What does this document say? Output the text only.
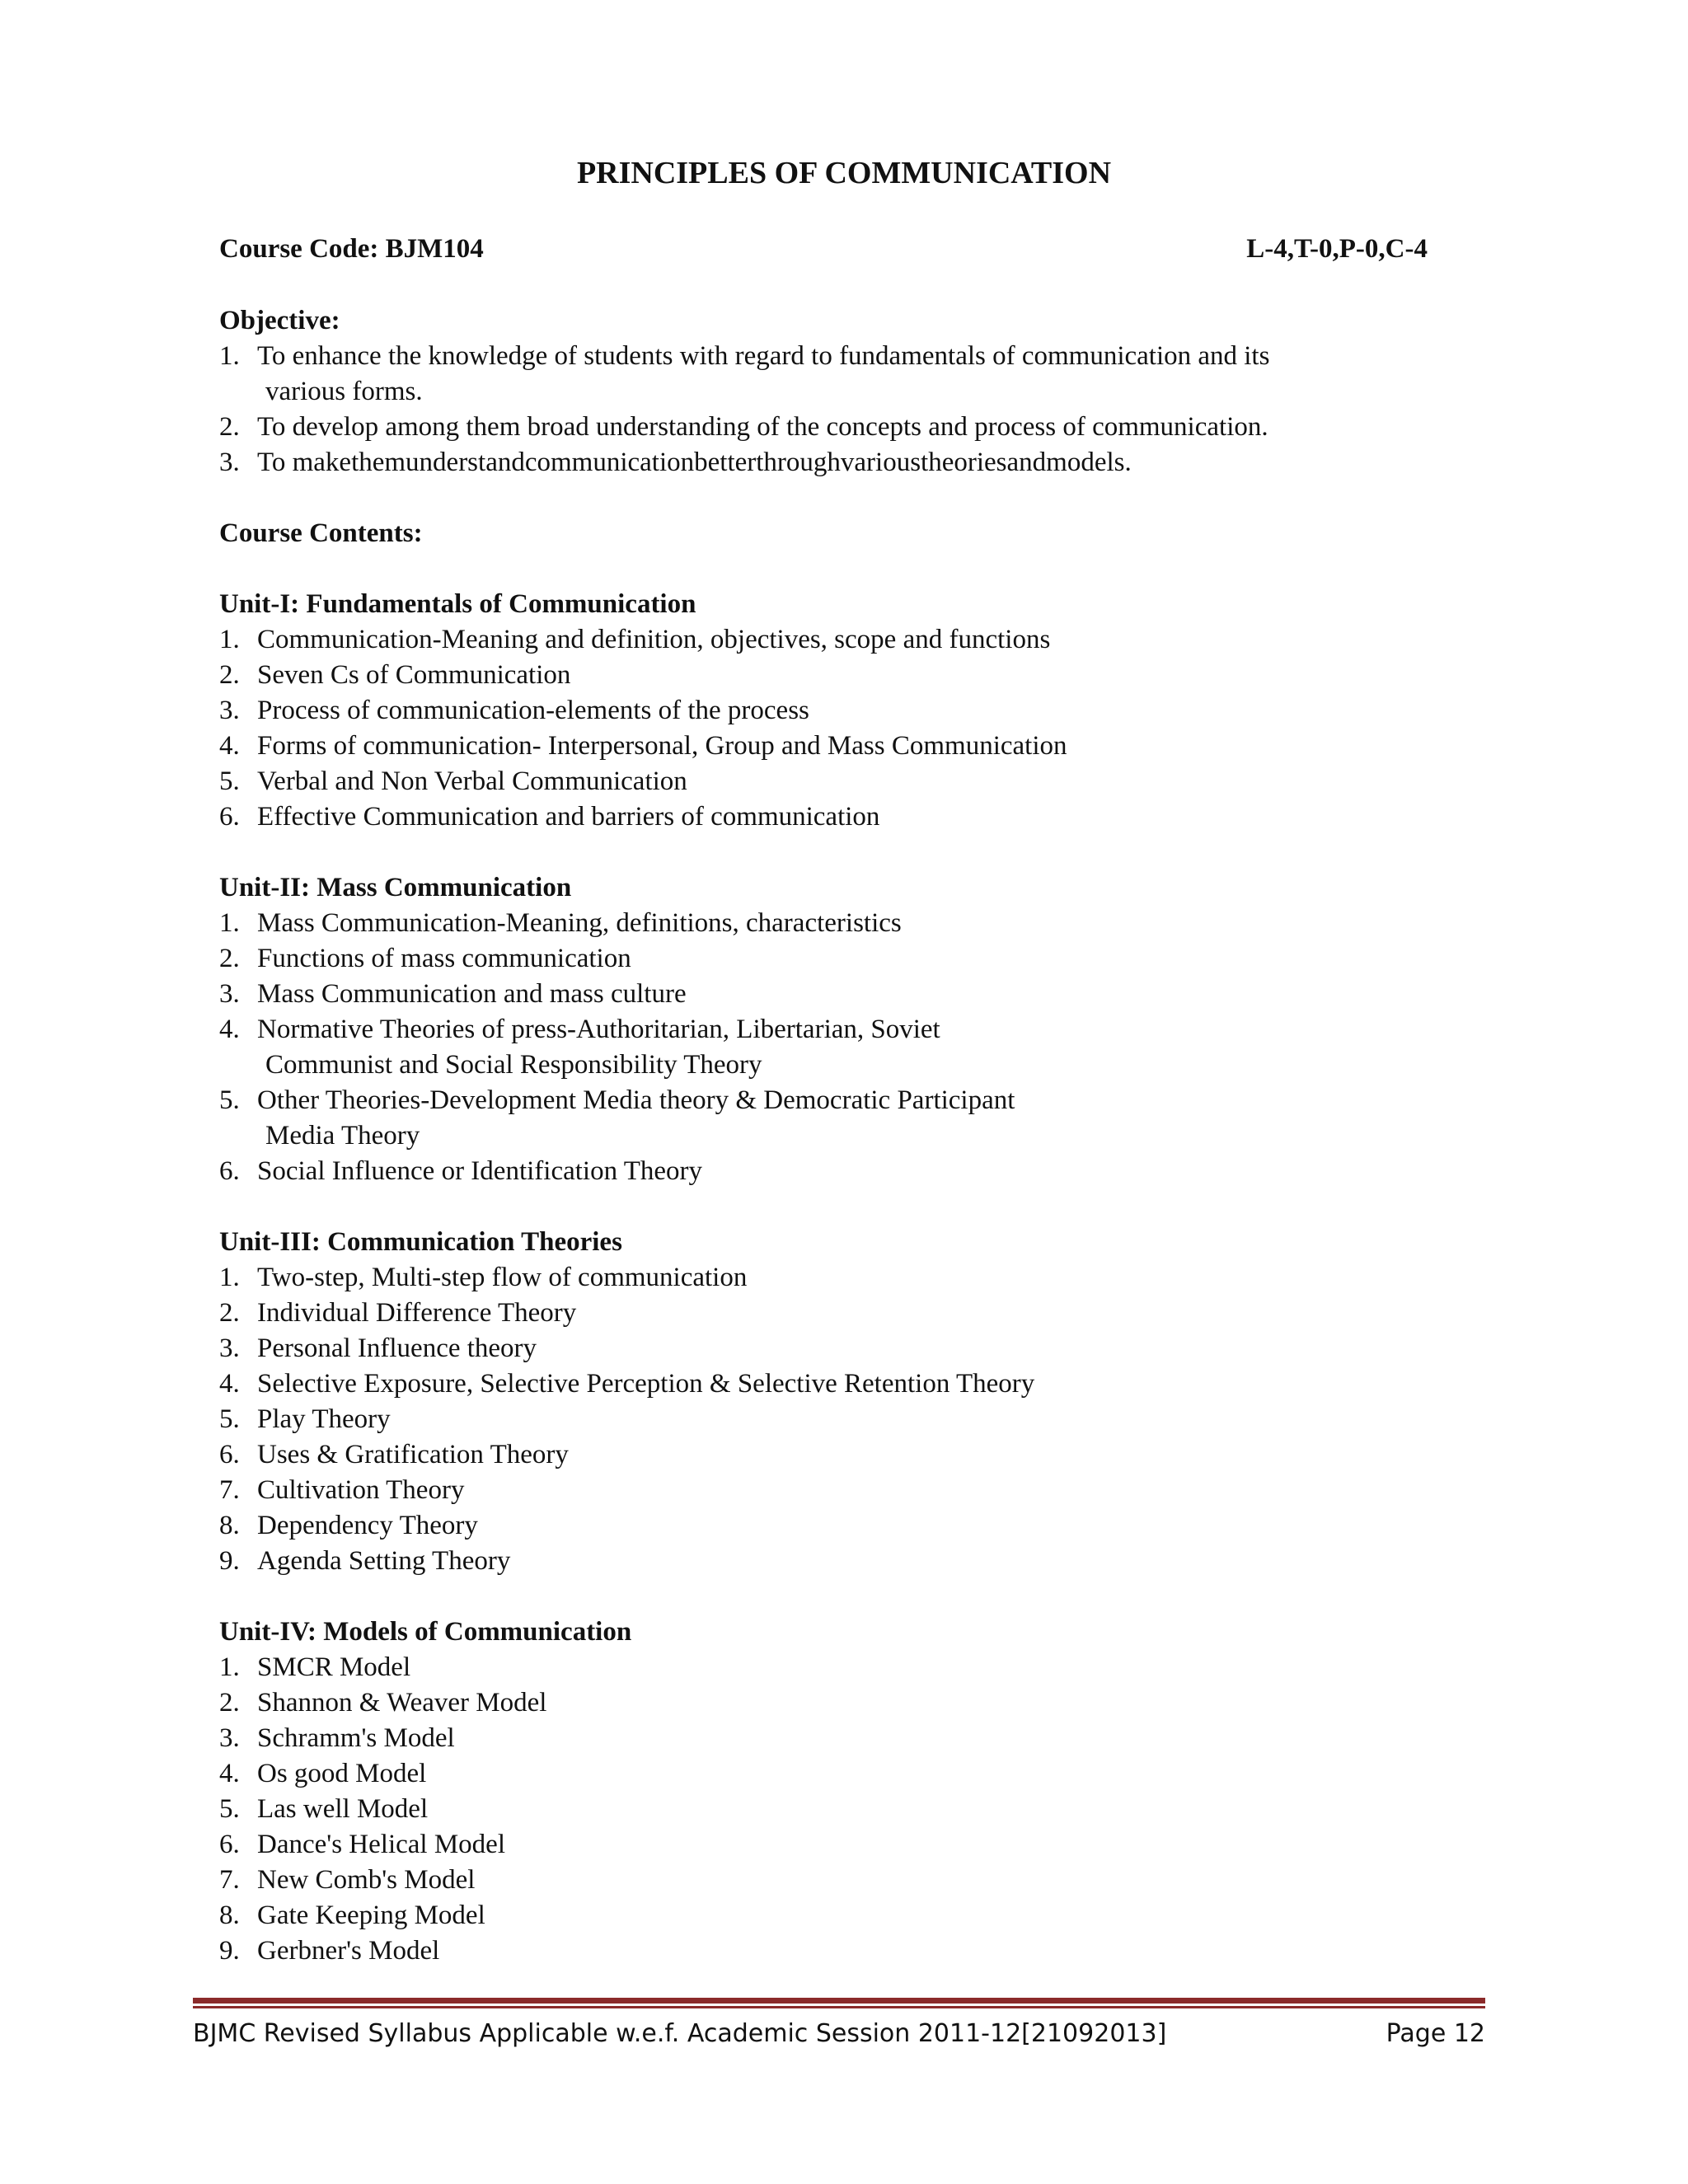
PRINCIPLES OF COMMUNICATION
Course Code: BJM104	L-4,T-0,P-0,C-4

Objective:

1. To enhance the knowledge of students with regard to fundamentals of communication and its
various forms.
2. To develop among them broad understanding of the concepts and process of communication.
3. To makethemunderstandcommunicationbetterthroughvarioustheoriesandmodels.

Course Contents:

Unit-I: Fundamentals of Communication

1. Communication-Meaning and definition, objectives, scope and functions
2. Seven Cs of Communication
3. Process of communication-elements of the process
4. Forms of communication- Interpersonal, Group and Mass Communication
5. Verbal and Non Verbal Communication
6. Effective Communication and barriers of communication

Unit-II: Mass Communication

1. Mass Communication-Meaning, definitions, characteristics
2. Functions of mass communication
3. Mass Communication and mass culture
4. Normative Theories of press-Authoritarian, Libertarian, Soviet
Communist and Social Responsibility Theory
5. Other Theories-Development Media theory & Democratic Participant
Media Theory
6. Social Influence or Identification Theory

Unit-III: Communication Theories

1. Two-step, Multi-step flow of communication
2. Individual Difference Theory
3. Personal Influence theory
4. Selective Exposure, Selective Perception & Selective Retention Theory
5. Play Theory
6. Uses & Gratification Theory
7. Cultivation Theory
8. Dependency Theory
9. Agenda Setting Theory

Unit-IV: Models of Communication

1. SMCR Model
2. Shannon & Weaver Model
3. Schramm's Model
4. Os good Model
5. Las well Model
6. Dance's Helical Model
7. New Comb's Model
8. Gate Keeping Model
9. Gerbner's Model
BJMC Revised Syllabus Applicable w.e.f. Academic Session 2011-12[21092013]	Page 12
